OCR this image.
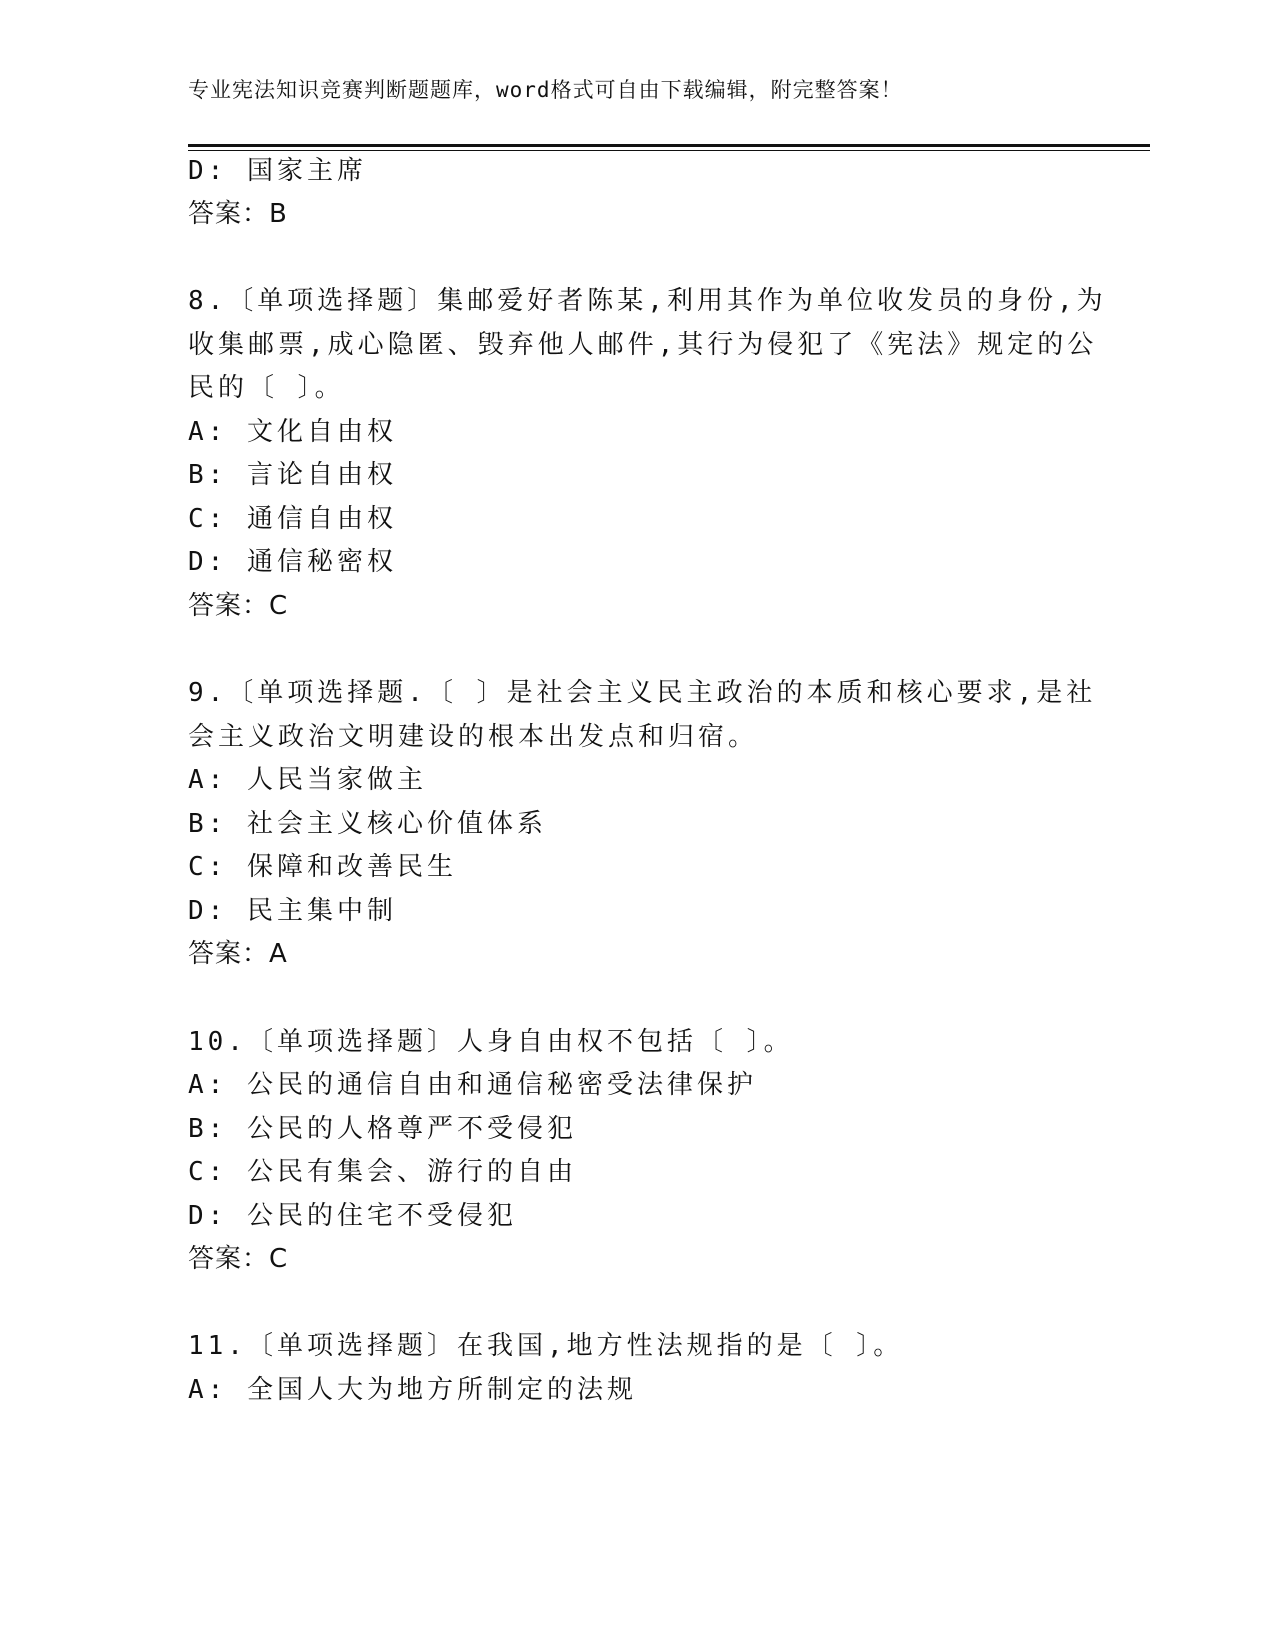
专业宪法知识竞赛判断题题库，word格式可自由下载编辑，附完整答案！
D: 国家主席
答案：B
8.〔单项选择题〕集邮爱好者陈某,利用其作为单位收发员的身份,为
收集邮票,成心隐匿、毁弃他人邮件,其行为侵犯了《宪法》规定的公
民的〔 〕。
A: 文化自由权
B: 言论自由权
C: 通信自由权
D: 通信秘密权
答案：C
9.〔单项选择题.〔 〕是社会主义民主政治的本质和核心要求,是社
会主义政治文明建设的根本出发点和归宿。
A: 人民当家做主
B: 社会主义核心价值体系
C: 保障和改善民生
D: 民主集中制
答案：A
10.〔单项选择题〕人身自由权不包括〔 〕。
A: 公民的通信自由和通信秘密受法律保护
B: 公民的人格尊严不受侵犯
C: 公民有集会、游行的自由
D: 公民的住宅不受侵犯
答案：C
11.〔单项选择题〕在我国,地方性法规指的是〔 〕。
A: 全国人大为地方所制定的法规
